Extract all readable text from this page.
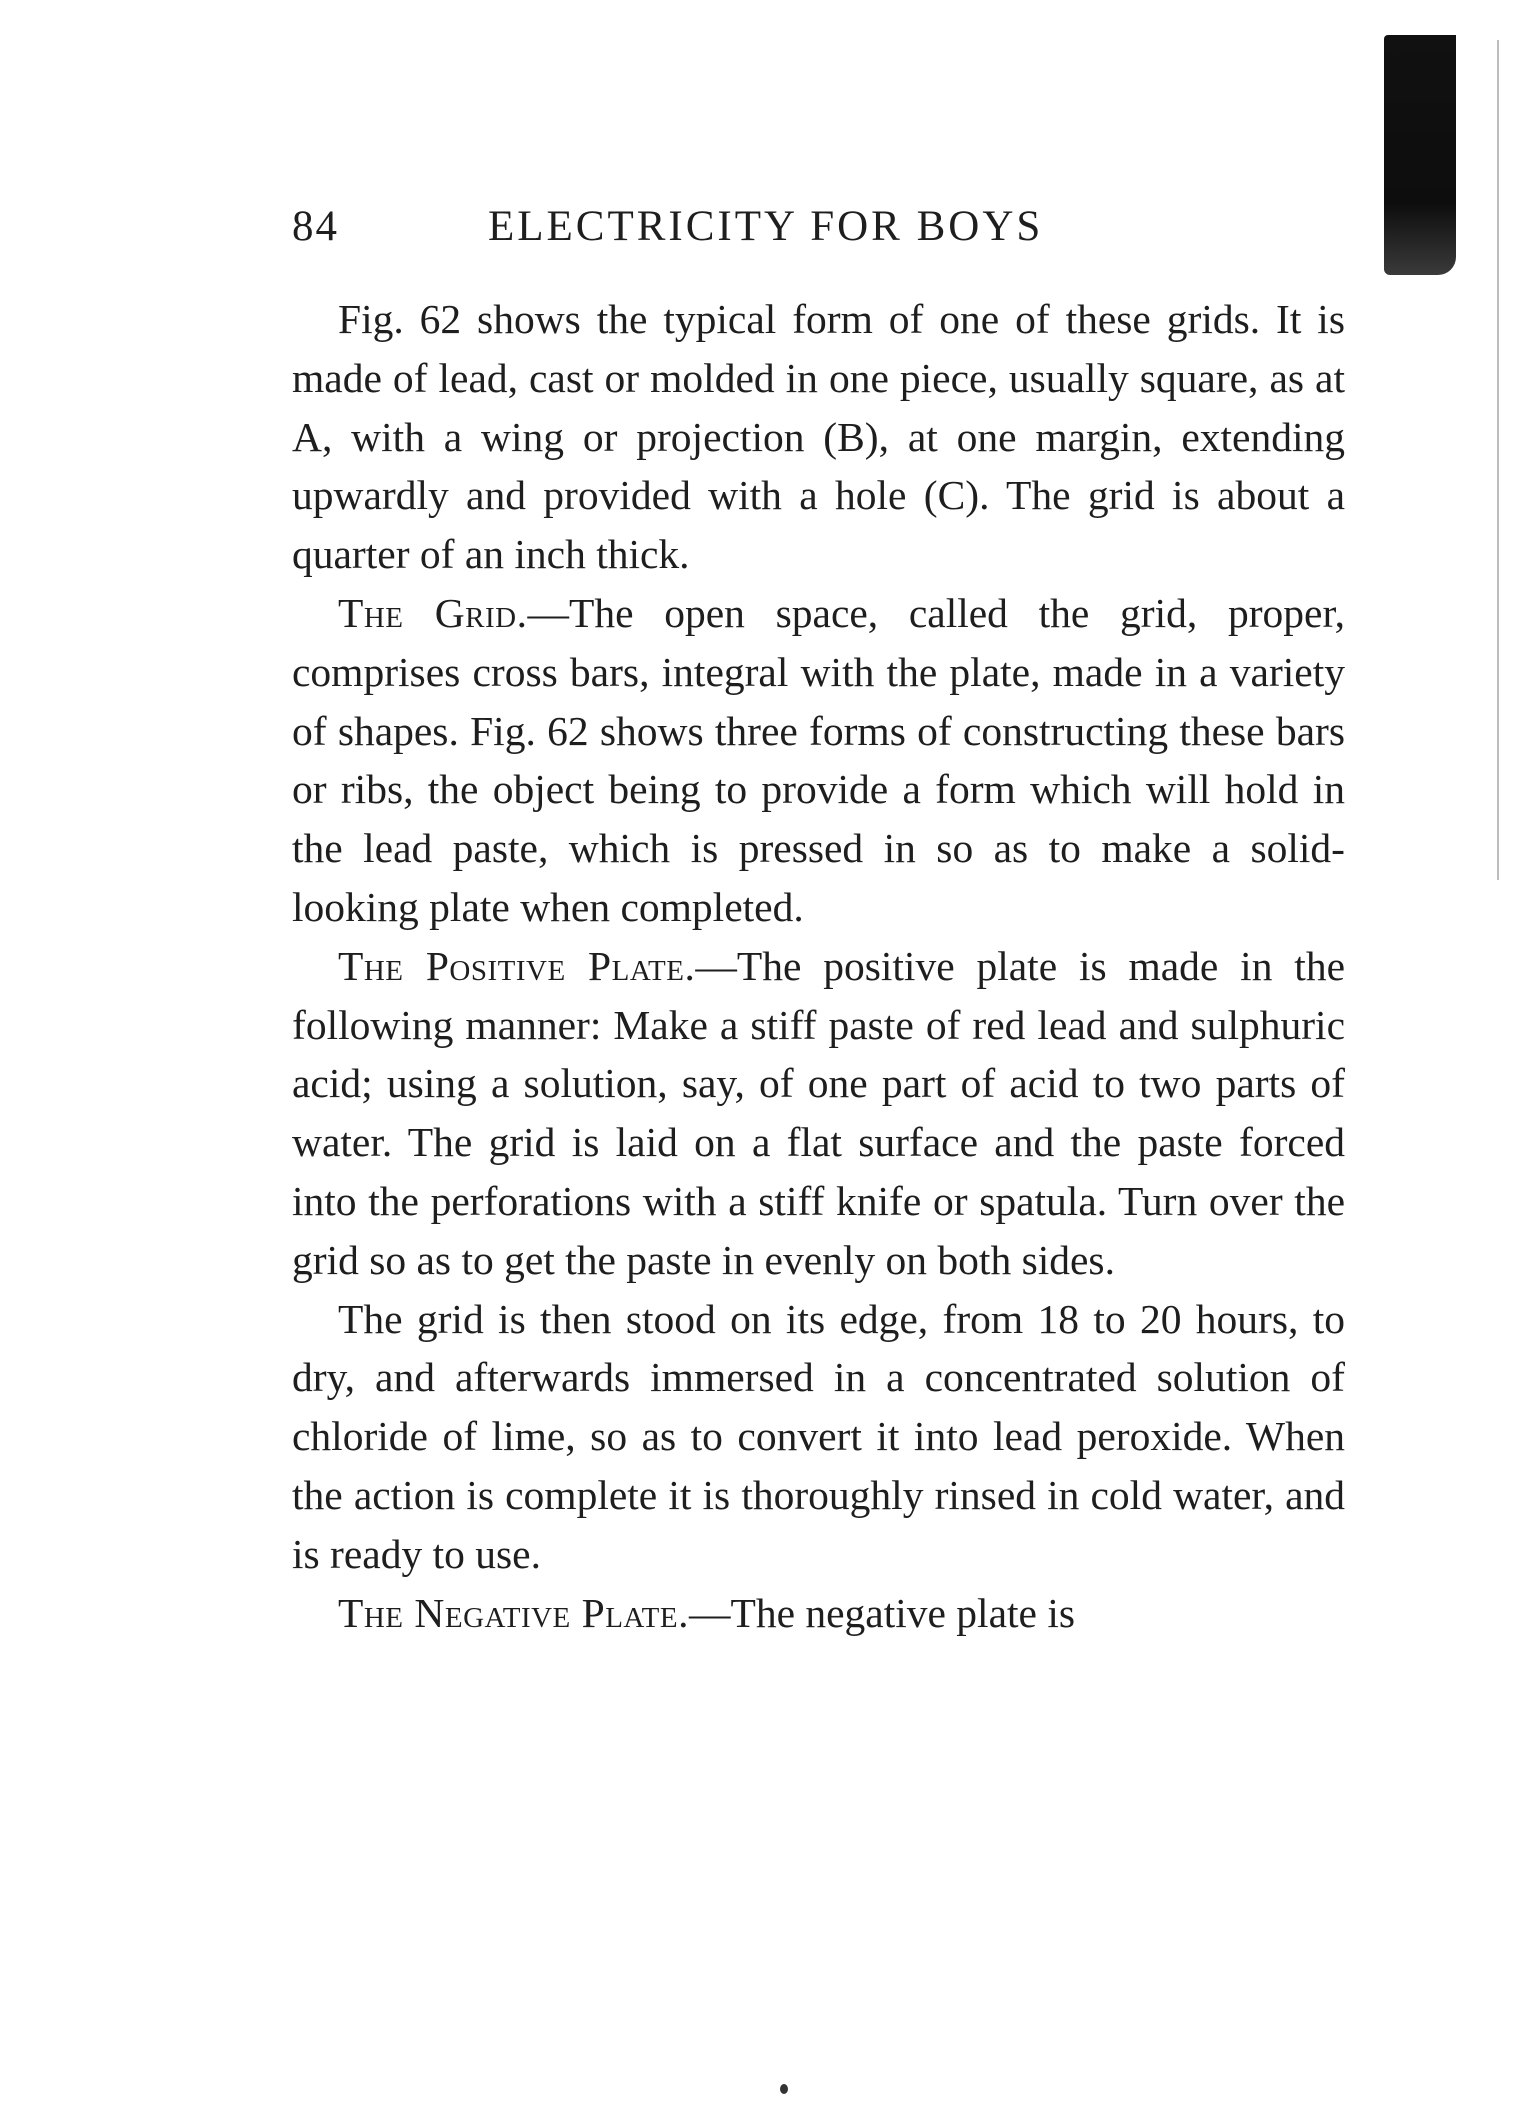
84	ELECTRICITY FOR BOYS

Fig. 62 shows the typical form of one of these grids. It is made of lead, cast or molded in one piece, usually square, as at A, with a wing or projection (B), at one margin, extending upwardly and provided with a hole (C). The grid is about a quarter of an inch thick.

The Grid.—The open space, called the grid, proper, comprises cross bars, integral with the plate, made in a variety of shapes. Fig. 62 shows three forms of constructing these bars or ribs, the object being to provide a form which will hold in the lead paste, which is pressed in so as to make a solid-looking plate when completed.

The Positive Plate.—The positive plate is made in the following manner: Make a stiff paste of red lead and sulphuric acid; using a solution, say, of one part of acid to two parts of water. The grid is laid on a flat surface and the paste forced into the perforations with a stiff knife or spatula. Turn over the grid so as to get the paste in evenly on both sides.

The grid is then stood on its edge, from 18 to 20 hours, to dry, and afterwards immersed in a concentrated solution of chloride of lime, so as to convert it into lead peroxide. When the action is complete it is thoroughly rinsed in cold water, and is ready to use.

The Negative Plate.—The negative plate is
